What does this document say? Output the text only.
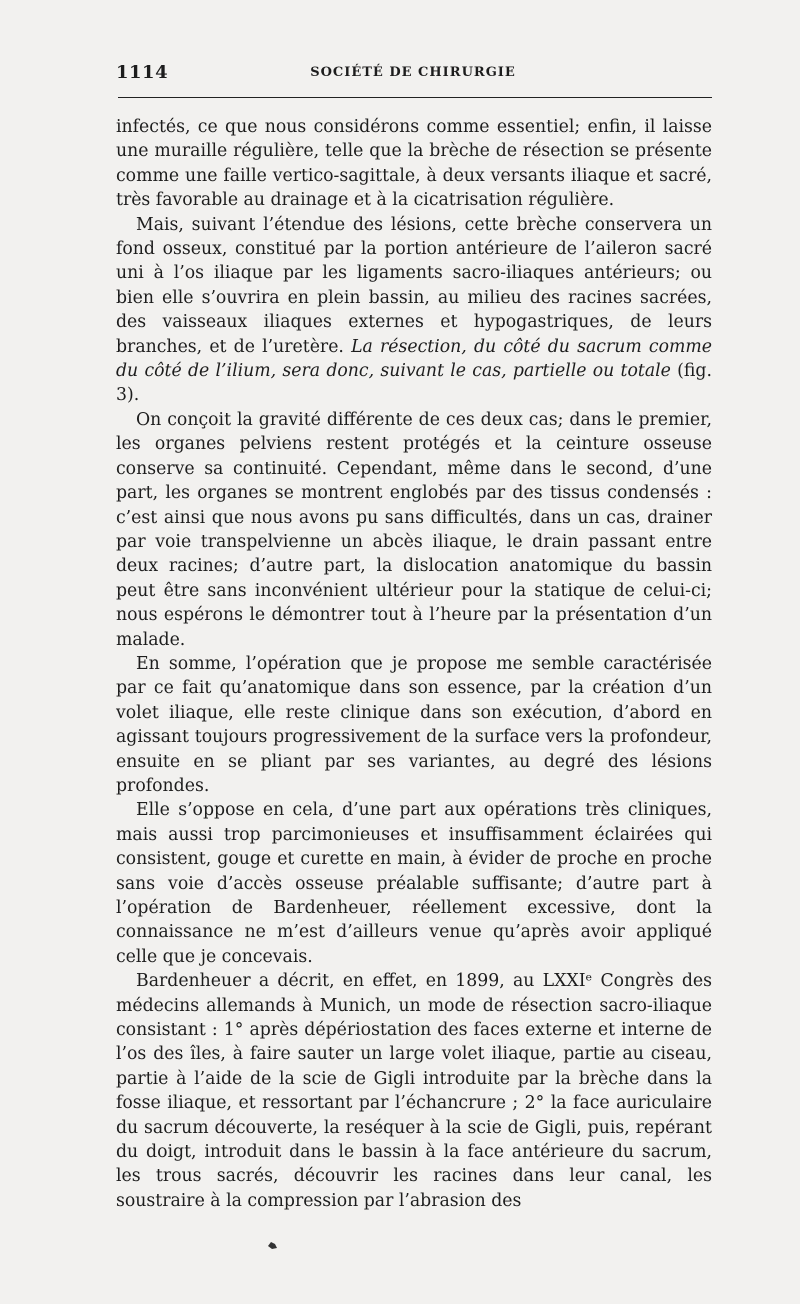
1114	SOCIÉTÉ DE CHIRURGIE

infectés, ce que nous considérons comme essentiel; enfin, il laisse une muraille régulière, telle que la brèche de résection se présente comme une faille vertico-sagittale, à deux versants iliaque et sacré, très favorable au drainage et à la cicatrisation régulière.

Mais, suivant l’étendue des lésions, cette brèche conservera un fond osseux, constitué par la portion antérieure de l’aileron sacré uni à l’os iliaque par les ligaments sacro-iliaques antérieurs; ou bien elle s’ouvrira en plein bassin, au milieu des racines sacrées, des vaisseaux iliaques externes et hypogastriques, de leurs branches, et de l’uretère. La résection, du côté du sacrum comme du côté de l’ilium, sera donc, suivant le cas, partielle ou totale (fig. 3).

On conçoit la gravité différente de ces deux cas; dans le premier, les organes pelviens restent protégés et la ceinture osseuse conserve sa continuité. Cependant, même dans le second, d’une part, les organes se montrent englobés par des tissus condensés : c’est ainsi que nous avons pu sans difficultés, dans un cas, drainer par voie transpelvienne un abcès iliaque, le drain passant entre deux racines; d’autre part, la dislocation anatomique du bassin peut être sans inconvénient ultérieur pour la statique de celui-ci; nous espérons le démontrer tout à l’heure par la présentation d’un malade.

En somme, l’opération que je propose me semble caractérisée par ce fait qu’anatomique dans son essence, par la création d’un volet iliaque, elle reste clinique dans son exécution, d’abord en agissant toujours progressivement de la surface vers la profondeur, ensuite en se pliant par ses variantes, au degré des lésions profondes.

Elle s’oppose en cela, d’une part aux opérations très cliniques, mais aussi trop parcimonieuses et insuffisamment éclairées qui consistent, gouge et curette en main, à évider de proche en proche sans voie d’accès osseuse préalable suffisante; d’autre part à l’opération de Bardenheuer, réellement excessive, dont la connaissance ne m’est d’ailleurs venue qu’après avoir appliqué celle que je concevais.

Bardenheuer a décrit, en effet, en 1899, au LXXIᵉ Congrès des médecins allemands à Munich, un mode de résection sacro-iliaque consistant : 1° après dépériostation des faces externe et interne de l’os des îles, à faire sauter un large volet iliaque, partie au ciseau, partie à l’aide de la scie de Gigli introduite par la brèche dans la fosse iliaque, et ressortant par l’échancrure ; 2° la face auriculaire du sacrum découverte, la reséquer à la scie de Gigli, puis, repérant du doigt, introduit dans le bassin à la face antérieure du sacrum, les trous sacrés, découvrir les racines dans leur canal, les soustraire à la compression par l’abrasion des
